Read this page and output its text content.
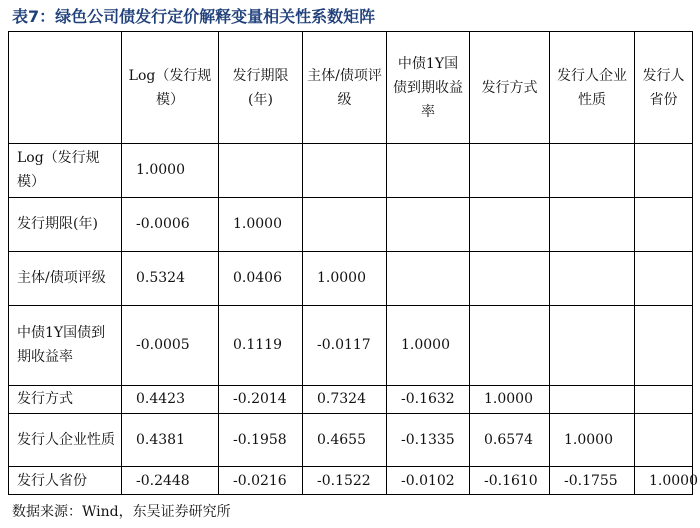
表7：绿色公司债发行定价解释变量相关性系数矩阵
	Log（发行规模）	发行期限(年)	主体/债项评级	中债1Y国债到期收益率	发行方式	发行人企业性质	发行人省份
Log（发行规模）	1.0000						
发行期限(年)	-0.0006	1.0000					
主体/债项评级	0.5324	0.0406	1.0000				
中债1Y国债到期收益率	-0.0005	0.1119	-0.0117	1.0000			
发行方式	0.4423	-0.2014	0.7324	-0.1632	1.0000		
发行人企业性质	0.4381	-0.1958	0.4655	-0.1335	0.6574	1.0000	
发行人省份	-0.2448	-0.0216	-0.1522	-0.0102	-0.1610	-0.1755	1.0000
数据来源：Wind，东吴证券研究所
